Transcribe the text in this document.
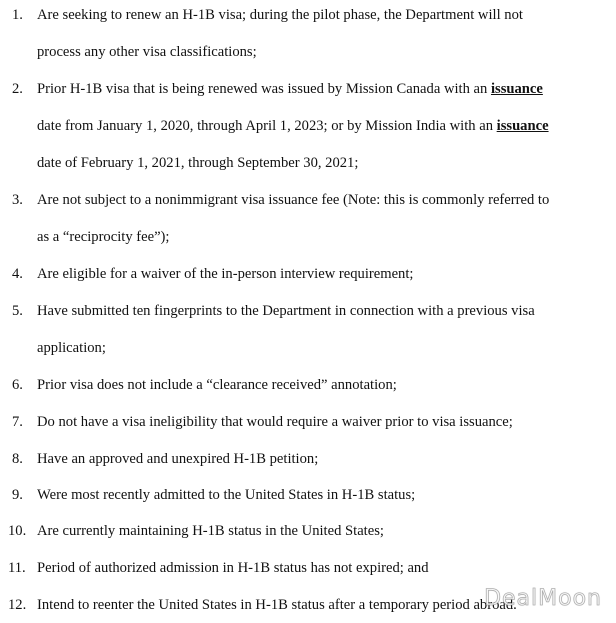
1. Are seeking to renew an H-1B visa; during the pilot phase, the Department will not
process any other visa classifications;
2. Prior H-1B visa that is being renewed was issued by Mission Canada with an issuance
date from January 1, 2020, through April 1, 2023; or by Mission India with an issuance
date of February 1, 2021, through September 30, 2021;
3. Are not subject to a nonimmigrant visa issuance fee (Note: this is commonly referred to
as a “reciprocity fee”);
4. Are eligible for a waiver of the in-person interview requirement;
5. Have submitted ten fingerprints to the Department in connection with a previous visa
application;
6. Prior visa does not include a “clearance received” annotation;
7. Do not have a visa ineligibility that would require a waiver prior to visa issuance;
8. Have an approved and unexpired H-1B petition;
9. Were most recently admitted to the United States in H-1B status;
10. Are currently maintaining H-1B status in the United States;
11. Period of authorized admission in H-1B status has not expired; and
12. Intend to reenter the United States in H-1B status after a temporary period abroad.
DealMoon
